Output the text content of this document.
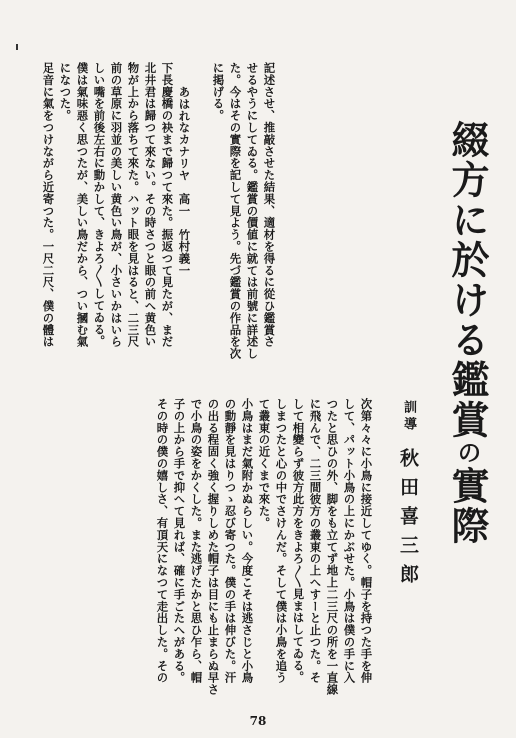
記述させ、推敲させた結果、適材を得るに從ひ鑑賞さ
せるやうにしてゐる。鑑賞の價値に就ては前號に詳述し
た。今はその實際を記して見よう。先づ鑑賞の作品を次
に掲げる。
あはれなカナリヤ　高一　竹村義一
下長慶橋の袂まで歸つて來た。振返つて見たが、まだ
北井君は歸つて來ない。その時さつと眼の前へ黄色い
物が上から落ちて來た。ハット眼を見はると、二三尺
前の草原に羽並の美しい黄色い鳥が、小さいかはいら
しい嘴を前後左右に動かして、きよろ〳〵してゐる。
僕は氣味惡く思つたが、美しい鳥だから、つい摑む氣
になつた。
足音に氣をつけながら近寄つた。一尺二尺、僕の體は	綴方に於ける鑑賞の實際
訓導秋田喜三郎
次第々々に小鳥に接近してゆく。帽子を持つた手を伸
して、パット小鳥の上にかぶせた。小鳥は僕の手に入
つたと思ひの外、脚をも立てず地上二三尺の所を一直線
に飛んで、二三間彼方の叢東の上へすーと止つた。そ
して相變らず彼方此方をきよろ〳〵見まはしてゐる。
しまつたと心の中でさけんだ。そして僕は小鳥を追う
て叢東の近くまで來た。
小鳥はまだ氣附かぬらしい。今度こそは逃さじと小鳥
の動靜を見はりつゝ忍び寄つた。僕の手は伸びた。汗
の出る程固く強く握りしめた帽子は目にも止まらぬ早さ
で小鳥の姿をかくした。また逃げたかと思ひ乍ら、帽
子の上から手で抑へて見れば、確に手ごたへがある。
その時の僕の嬉しさ、有頂天になつて走出した。その
78
